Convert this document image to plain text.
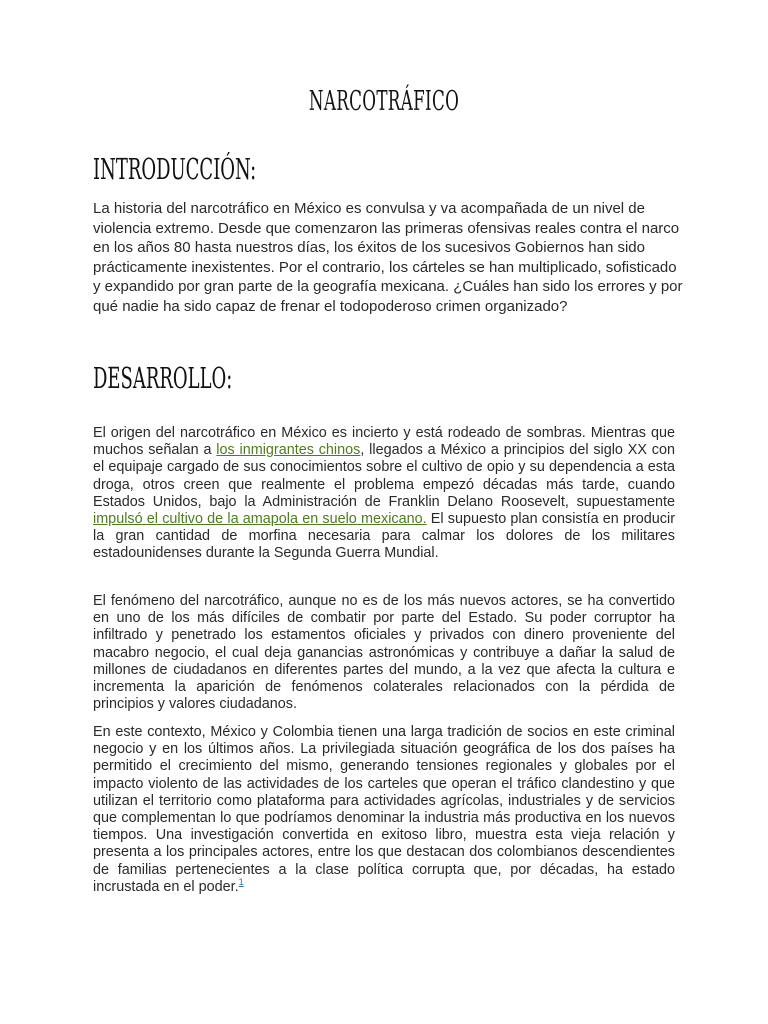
NARCOTRÁFICO
INTRODUCCIÓN:

La historia del narcotráfico en México es convulsa y va acompañada de un nivel de violencia extremo. Desde que comenzaron las primeras ofensivas reales contra el narco en los años 80 hasta nuestros días, los éxitos de los sucesivos Gobiernos han sido prácticamente inexistentes. Por el contrario, los cárteles se han multiplicado, sofisticado y expandido por gran parte de la geografía mexicana. ¿Cuáles han sido los errores y por qué nadie ha sido capaz de frenar el todopoderoso crimen organizado?

DESARROLLO:

El origen del narcotráfico en México es incierto y está rodeado de sombras. Mientras que muchos señalan a los inmigrantes chinos, llegados a México a principios del siglo XX con el equipaje cargado de sus conocimientos sobre el cultivo de opio y su dependencia a esta droga, otros creen que realmente el problema empezó décadas más tarde, cuando Estados Unidos, bajo la Administración de Franklin Delano Roosevelt, supuestamente impulsó el cultivo de la amapola en suelo mexicano. El supuesto plan consistía en producir la gran cantidad de morfina necesaria para calmar los dolores de los militares estadounidenses durante la Segunda Guerra Mundial.

El fenómeno del narcotráfico, aunque no es de los más nuevos actores, se ha convertido en uno de los más difíciles de combatir por parte del Estado. Su poder corruptor ha infiltrado y penetrado los estamentos oficiales y privados con dinero proveniente del macabro negocio, el cual deja ganancias astronómicas y contribuye a dañar la salud de millones de ciudadanos en diferentes partes del mundo, a la vez que afecta la cultura e incrementa la aparición de fenómenos colaterales relacionados con la pérdida de principios y valores ciudadanos.

En este contexto, México y Colombia tienen una larga tradición de socios en este criminal negocio y en los últimos años. La privilegiada situación geográfica de los dos países ha permitido el crecimiento del mismo, generando tensiones regionales y globales por el impacto violento de las actividades de los carteles que operan el tráfico clandestino y que utilizan el territorio como plataforma para actividades agrícolas, industriales y de servicios que complementan lo que podríamos denominar la industria más productiva en los nuevos tiempos. Una investigación convertida en exitoso libro, muestra esta vieja relación y presenta a los principales actores, entre los que destacan dos colombianos descendientes de familias pertenecientes a la clase política corrupta que, por décadas, ha estado incrustada en el poder.$^1$
